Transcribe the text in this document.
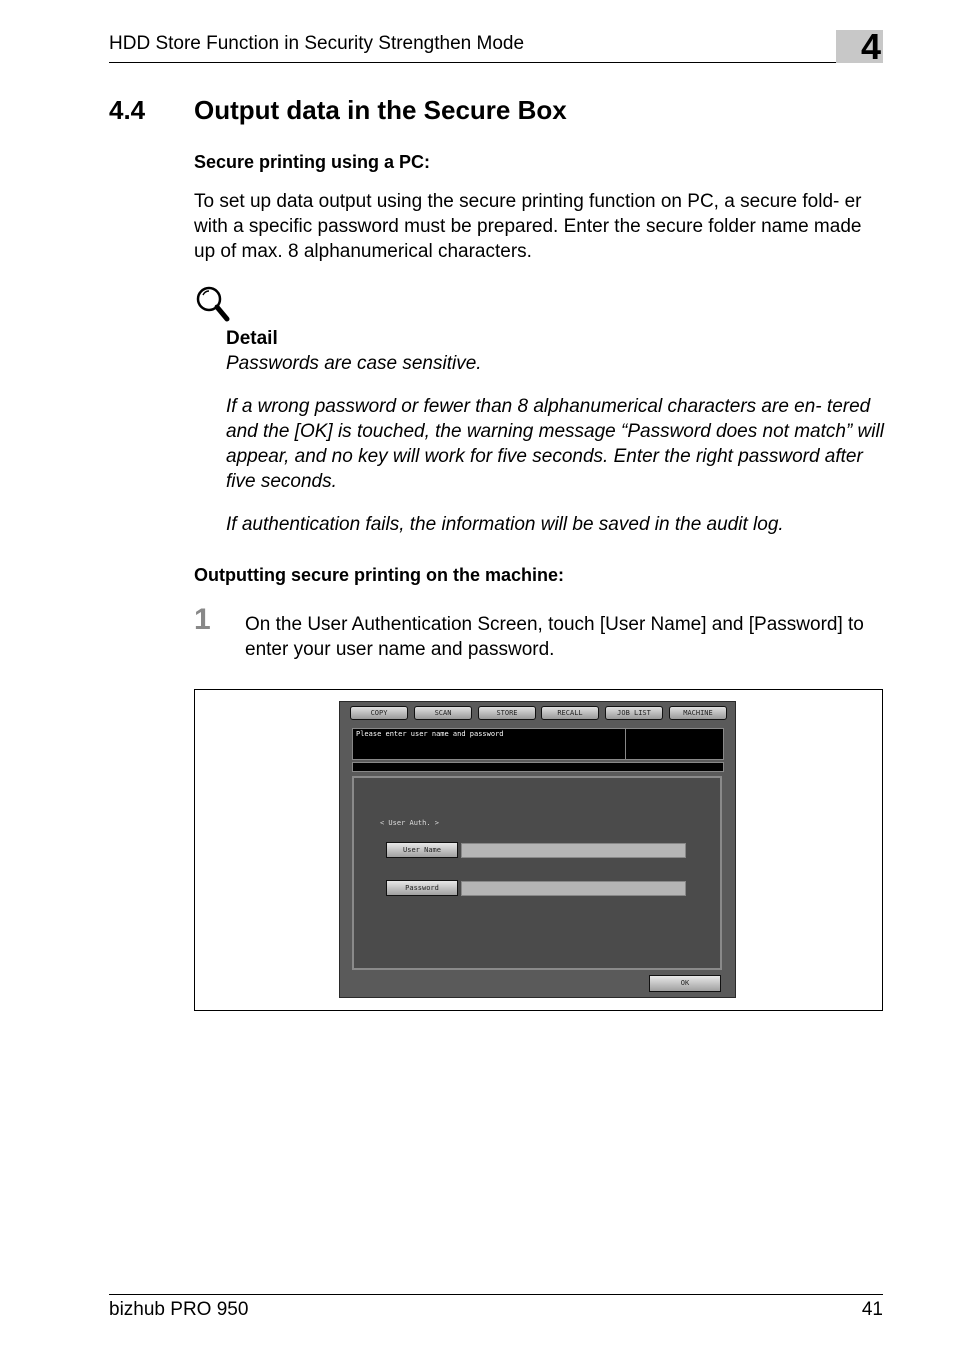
HDD Store Function in Security Strengthen Mode	4
4.4 Output data in the Secure Box
Secure printing using a PC:
To set up data output using the secure printing function on PC, a secure fold- er with a specific password must be prepared. Enter the secure folder name made up of max. 8 alphanumerical characters.
Detail
Passwords are case sensitive.
If a wrong password or fewer than 8 alphanumerical characters are en- tered and the [OK] is touched, the warning message “Password does not match” will appear, and no key will work for five seconds. Enter the right password after five seconds.
If authentication fails, the information will be saved in the audit log.
Outputting secure printing on the machine:
1 On the User Authentication Screen, touch [User Name] and [Password] to enter your user name and password.
COPY	SCAN	STORE	RECALL	JOB LIST	MACHINE
Please enter user name and password
< User Auth. >
User Name
Password
OK
bizhub PRO 950	41
